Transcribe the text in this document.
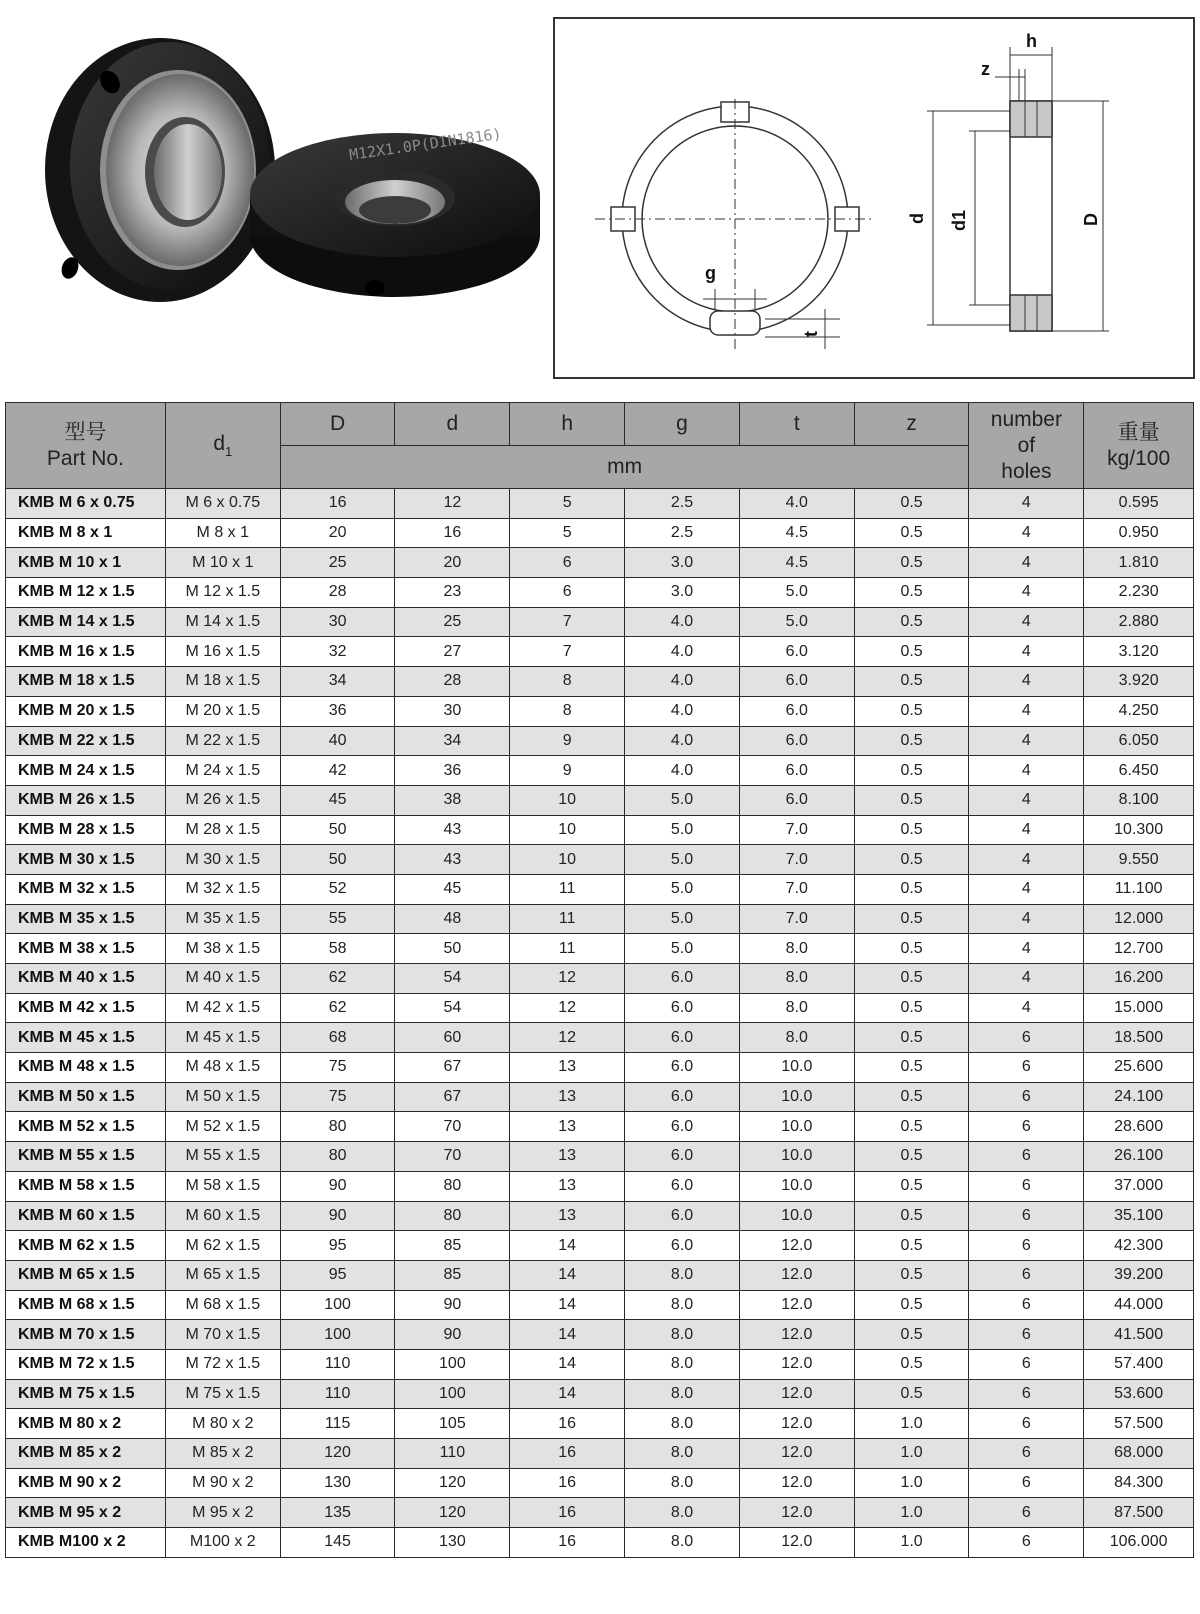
M12X1.0P(DIN1816)
h
z
d d1	D
g
t
型号
Part No.	$d_1$	D	d	h	g	t	z	number
of
holes	重量
kg/100

		mm							
KMB M 6 x 0.75	M 6 x 0.75	16	12	5	2.5	4.0	0.5	4	0.595
KMB M 8 x 1	M 8 x 1	20	16	5	2.5	4.5	0.5	4	0.950
KMB M 10 x 1	M 10 x 1	25	20	6	3.0	4.5	0.5	4	1.810
KMB M 12 x 1.5	M 12 x 1.5	28	23	6	3.0	5.0	0.5	4	2.230
KMB M 14 x 1.5	M 14 x 1.5	30	25	7	4.0	5.0	0.5	4	2.880
KMB M 16 x 1.5	M 16 x 1.5	32	27	7	4.0	6.0	0.5	4	3.120
KMB M 18 x 1.5	M 18 x 1.5	34	28	8	4.0	6.0	0.5	4	3.920
KMB M 20 x 1.5	M 20 x 1.5	36	30	8	4.0	6.0	0.5	4	4.250
KMB M 22 x 1.5	M 22 x 1.5	40	34	9	4.0	6.0	0.5	4	6.050
KMB M 24 x 1.5	M 24 x 1.5	42	36	9	4.0	6.0	0.5	4	6.450
KMB M 26 x 1.5	M 26 x 1.5	45	38	10	5.0	6.0	0.5	4	8.100
KMB M 28 x 1.5	M 28 x 1.5	50	43	10	5.0	7.0	0.5	4	10.300
KMB M 30 x 1.5	M 30 x 1.5	50	43	10	5.0	7.0	0.5	4	9.550
KMB M 32 x 1.5	M 32 x 1.5	52	45	11	5.0	7.0	0.5	4	11.100
KMB M 35 x 1.5	M 35 x 1.5	55	48	11	5.0	7.0	0.5	4	12.000
KMB M 38 x 1.5	M 38 x 1.5	58	50	11	5.0	8.0	0.5	4	12.700
KMB M 40 x 1.5	M 40 x 1.5	62	54	12	6.0	8.0	0.5	4	16.200
KMB M 42 x 1.5	M 42 x 1.5	62	54	12	6.0	8.0	0.5	4	15.000
KMB M 45 x 1.5	M 45 x 1.5	68	60	12	6.0	8.0	0.5	6	18.500
KMB M 48 x 1.5	M 48 x 1.5	75	67	13	6.0	10.0	0.5	6	25.600
KMB M 50 x 1.5	M 50 x 1.5	75	67	13	6.0	10.0	0.5	6	24.100
KMB M 52 x 1.5	M 52 x 1.5	80	70	13	6.0	10.0	0.5	6	28.600
KMB M 55 x 1.5	M 55 x 1.5	80	70	13	6.0	10.0	0.5	6	26.100
KMB M 58 x 1.5	M 58 x 1.5	90	80	13	6.0	10.0	0.5	6	37.000
KMB M 60 x 1.5	M 60 x 1.5	90	80	13	6.0	10.0	0.5	6	35.100
KMB M 62 x 1.5	M 62 x 1.5	95	85	14	6.0	12.0	0.5	6	42.300
KMB M 65 x 1.5	M 65 x 1.5	95	85	14	8.0	12.0	0.5	6	39.200
KMB M 68 x 1.5	M 68 x 1.5	100	90	14	8.0	12.0	0.5	6	44.000
KMB M 70 x 1.5	M 70 x 1.5	100	90	14	8.0	12.0	0.5	6	41.500
KMB M 72 x 1.5	M 72 x 1.5	110	100	14	8.0	12.0	0.5	6	57.400
KMB M 75 x 1.5	M 75 x 1.5	110	100	14	8.0	12.0	0.5	6	53.600
KMB M 80 x 2	M 80 x 2	115	105	16	8.0	12.0	1.0	6	57.500
KMB M 85 x 2	M 85 x 2	120	110	16	8.0	12.0	1.0	6	68.000
KMB M 90 x 2	M 90 x 2	130	120	16	8.0	12.0	1.0	6	84.300
KMB M 95 x 2	M 95 x 2	135	120	16	8.0	12.0	1.0	6	87.500
KMB M100 x 2	M100 x 2	145	130	16	8.0	12.0	1.0	6	106.000
